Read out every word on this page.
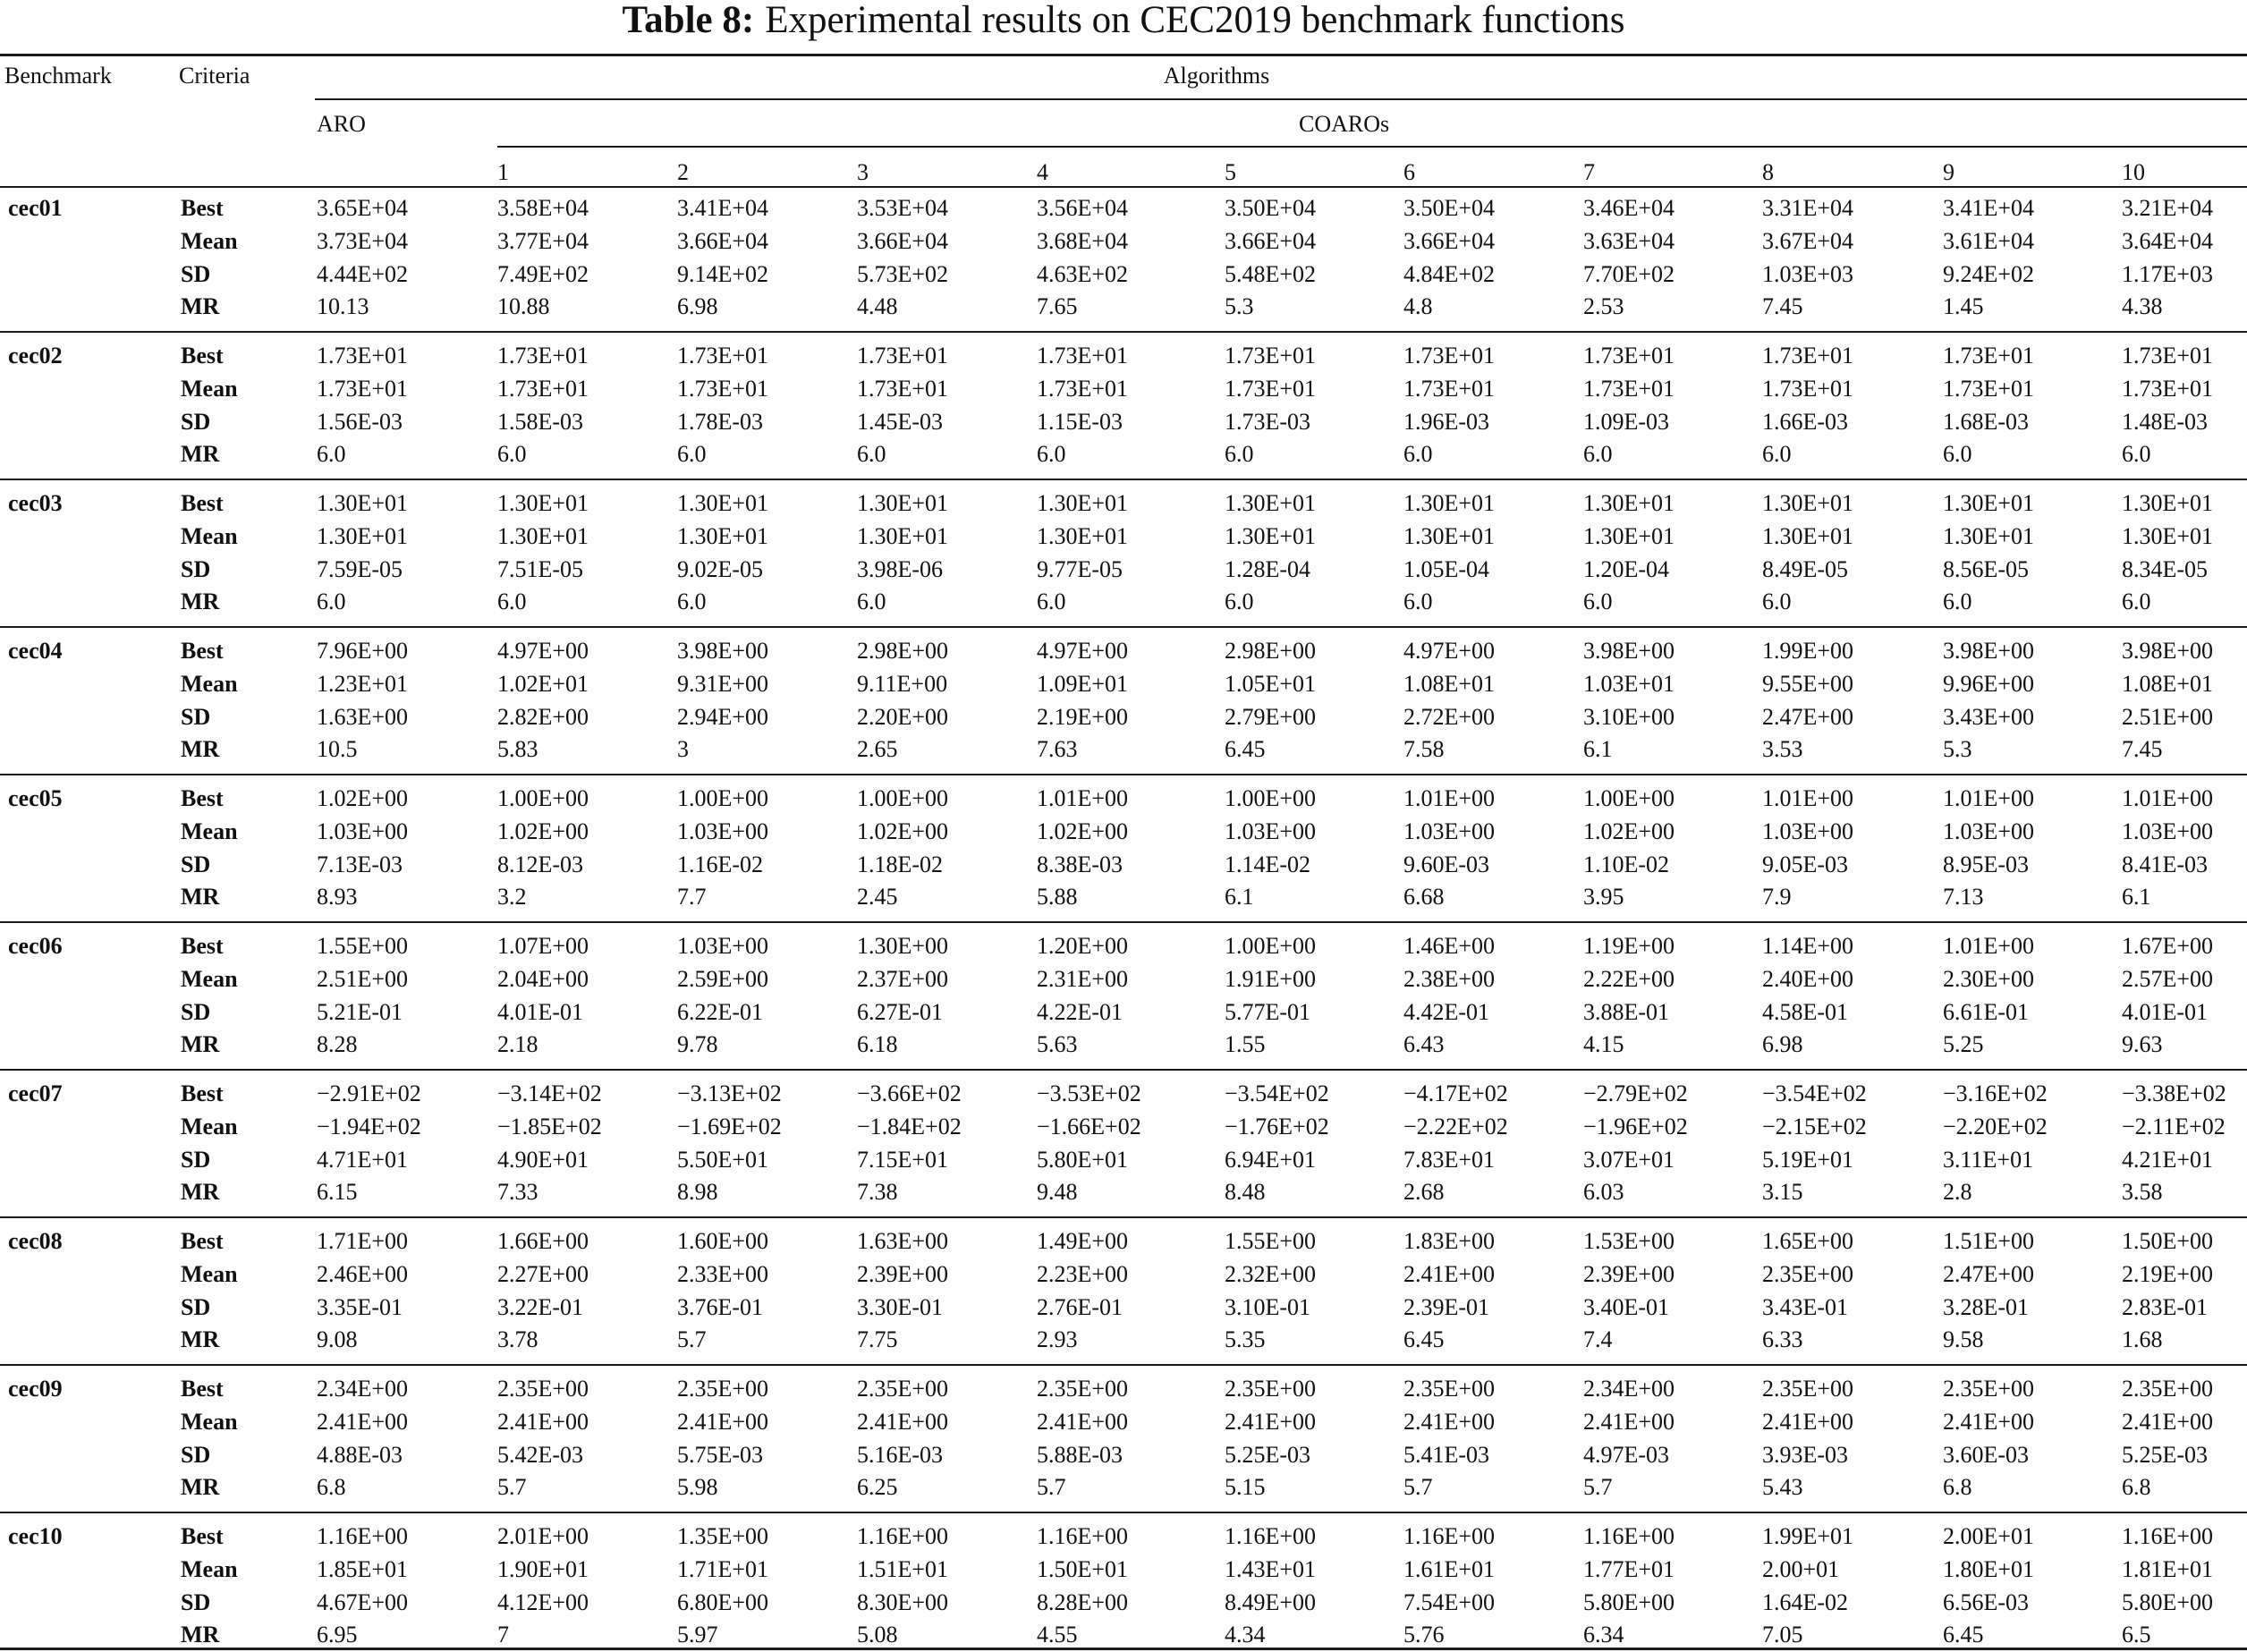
Table 8: Experimental results on CEC2019 benchmark functions
Benchmark	Criteria	Algorithms
ARO	COAROs
1	2	3	4	5	6	7	8	9	10
cec01	Best	3.65E+04	3.58E+04	3.41E+04	3.53E+04	3.56E+04	3.50E+04	3.50E+04	3.46E+04	3.31E+04	3.41E+04	3.21E+04
Mean	3.73E+04	3.77E+04	3.66E+04	3.66E+04	3.68E+04	3.66E+04	3.66E+04	3.63E+04	3.67E+04	3.61E+04	3.64E+04
SD	4.44E+02	7.49E+02	9.14E+02	5.73E+02	4.63E+02	5.48E+02	4.84E+02	7.70E+02	1.03E+03	9.24E+02	1.17E+03
MR	10.13	10.88	6.98	4.48	7.65	5.3	4.8	2.53	7.45	1.45	4.38
cec02	Best	1.73E+01	1.73E+01	1.73E+01	1.73E+01	1.73E+01	1.73E+01	1.73E+01	1.73E+01	1.73E+01	1.73E+01	1.73E+01
Mean	1.73E+01	1.73E+01	1.73E+01	1.73E+01	1.73E+01	1.73E+01	1.73E+01	1.73E+01	1.73E+01	1.73E+01	1.73E+01
SD	1.56E-03	1.58E-03	1.78E-03	1.45E-03	1.15E-03	1.73E-03	1.96E-03	1.09E-03	1.66E-03	1.68E-03	1.48E-03
MR	6.0	6.0	6.0	6.0	6.0	6.0	6.0	6.0	6.0	6.0	6.0
cec03	Best	1.30E+01	1.30E+01	1.30E+01	1.30E+01	1.30E+01	1.30E+01	1.30E+01	1.30E+01	1.30E+01	1.30E+01	1.30E+01
Mean	1.30E+01	1.30E+01	1.30E+01	1.30E+01	1.30E+01	1.30E+01	1.30E+01	1.30E+01	1.30E+01	1.30E+01	1.30E+01
SD	7.59E-05	7.51E-05	9.02E-05	3.98E-06	9.77E-05	1.28E-04	1.05E-04	1.20E-04	8.49E-05	8.56E-05	8.34E-05
MR	6.0	6.0	6.0	6.0	6.0	6.0	6.0	6.0	6.0	6.0	6.0
cec04	Best	7.96E+00	4.97E+00	3.98E+00	2.98E+00	4.97E+00	2.98E+00	4.97E+00	3.98E+00	1.99E+00	3.98E+00	3.98E+00
Mean	1.23E+01	1.02E+01	9.31E+00	9.11E+00	1.09E+01	1.05E+01	1.08E+01	1.03E+01	9.55E+00	9.96E+00	1.08E+01
SD	1.63E+00	2.82E+00	2.94E+00	2.20E+00	2.19E+00	2.79E+00	2.72E+00	3.10E+00	2.47E+00	3.43E+00	2.51E+00
MR	10.5	5.83	3	2.65	7.63	6.45	7.58	6.1	3.53	5.3	7.45
cec05	Best	1.02E+00	1.00E+00	1.00E+00	1.00E+00	1.01E+00	1.00E+00	1.01E+00	1.00E+00	1.01E+00	1.01E+00	1.01E+00
Mean	1.03E+00	1.02E+00	1.03E+00	1.02E+00	1.02E+00	1.03E+00	1.03E+00	1.02E+00	1.03E+00	1.03E+00	1.03E+00
SD	7.13E-03	8.12E-03	1.16E-02	1.18E-02	8.38E-03	1.14E-02	9.60E-03	1.10E-02	9.05E-03	8.95E-03	8.41E-03
MR	8.93	3.2	7.7	2.45	5.88	6.1	6.68	3.95	7.9	7.13	6.1
cec06	Best	1.55E+00	1.07E+00	1.03E+00	1.30E+00	1.20E+00	1.00E+00	1.46E+00	1.19E+00	1.14E+00	1.01E+00	1.67E+00
Mean	2.51E+00	2.04E+00	2.59E+00	2.37E+00	2.31E+00	1.91E+00	2.38E+00	2.22E+00	2.40E+00	2.30E+00	2.57E+00
SD	5.21E-01	4.01E-01	6.22E-01	6.27E-01	4.22E-01	5.77E-01	4.42E-01	3.88E-01	4.58E-01	6.61E-01	4.01E-01
MR	8.28	2.18	9.78	6.18	5.63	1.55	6.43	4.15	6.98	5.25	9.63
cec07	Best	−2.91E+02	−3.14E+02	−3.13E+02	−3.66E+02	−3.53E+02	−3.54E+02	−4.17E+02	−2.79E+02	−3.54E+02	−3.16E+02	−3.38E+02
Mean	−1.94E+02	−1.85E+02	−1.69E+02	−1.84E+02	−1.66E+02	−1.76E+02	−2.22E+02	−1.96E+02	−2.15E+02	−2.20E+02	−2.11E+02
SD	4.71E+01	4.90E+01	5.50E+01	7.15E+01	5.80E+01	6.94E+01	7.83E+01	3.07E+01	5.19E+01	3.11E+01	4.21E+01
MR	6.15	7.33	8.98	7.38	9.48	8.48	2.68	6.03	3.15	2.8	3.58
cec08	Best	1.71E+00	1.66E+00	1.60E+00	1.63E+00	1.49E+00	1.55E+00	1.83E+00	1.53E+00	1.65E+00	1.51E+00	1.50E+00
Mean	2.46E+00	2.27E+00	2.33E+00	2.39E+00	2.23E+00	2.32E+00	2.41E+00	2.39E+00	2.35E+00	2.47E+00	2.19E+00
SD	3.35E-01	3.22E-01	3.76E-01	3.30E-01	2.76E-01	3.10E-01	2.39E-01	3.40E-01	3.43E-01	3.28E-01	2.83E-01
MR	9.08	3.78	5.7	7.75	2.93	5.35	6.45	7.4	6.33	9.58	1.68
cec09	Best	2.34E+00	2.35E+00	2.35E+00	2.35E+00	2.35E+00	2.35E+00	2.35E+00	2.34E+00	2.35E+00	2.35E+00	2.35E+00
Mean	2.41E+00	2.41E+00	2.41E+00	2.41E+00	2.41E+00	2.41E+00	2.41E+00	2.41E+00	2.41E+00	2.41E+00	2.41E+00
SD	4.88E-03	5.42E-03	5.75E-03	5.16E-03	5.88E-03	5.25E-03	5.41E-03	4.97E-03	3.93E-03	3.60E-03	5.25E-03
MR	6.8	5.7	5.98	6.25	5.7	5.15	5.7	5.7	5.43	6.8	6.8
cec10	Best	1.16E+00	2.01E+00	1.35E+00	1.16E+00	1.16E+00	1.16E+00	1.16E+00	1.16E+00	1.99E+01	2.00E+01	1.16E+00
Mean	1.85E+01	1.90E+01	1.71E+01	1.51E+01	1.50E+01	1.43E+01	1.61E+01	1.77E+01	2.00+01	1.80E+01	1.81E+01
SD	4.67E+00	4.12E+00	6.80E+00	8.30E+00	8.28E+00	8.49E+00	7.54E+00	5.80E+00	1.64E-02	6.56E-03	5.80E+00
MR	6.95	7	5.97	5.08	4.55	4.34	5.76	6.34	7.05	6.45	6.5
